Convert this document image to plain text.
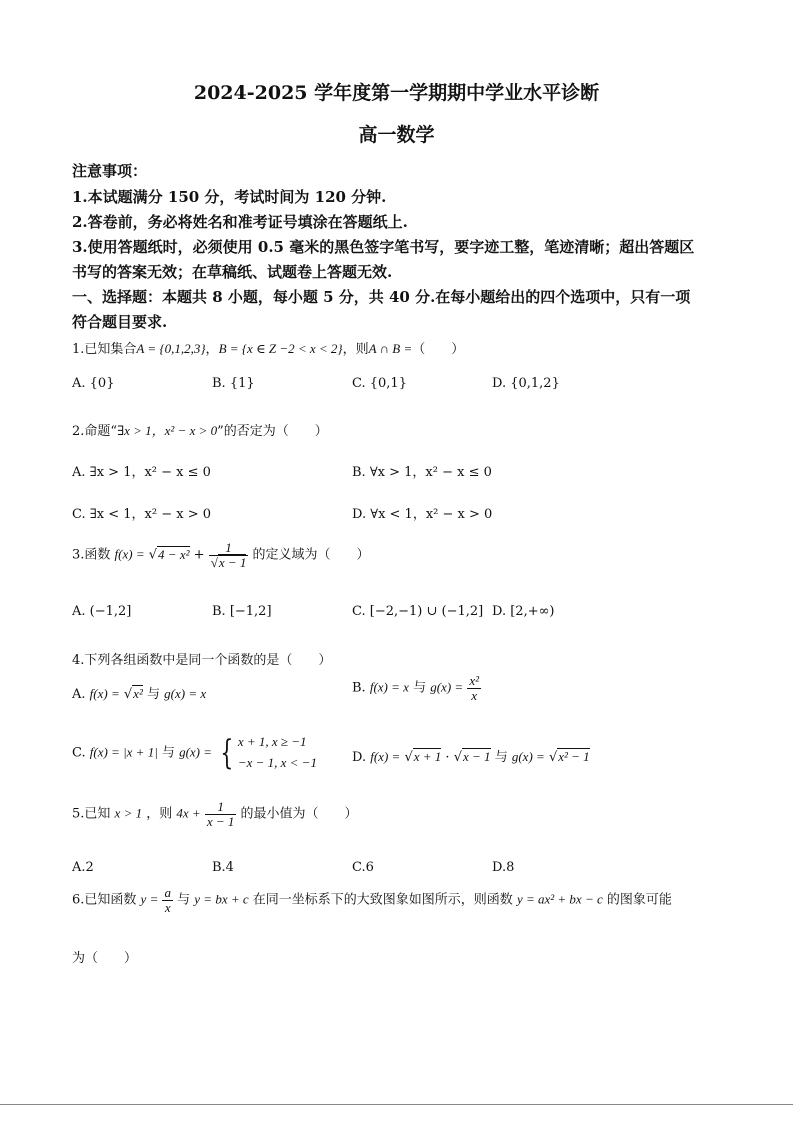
2024-2025 学年度第一学期期中学业水平诊断
高一数学
注意事项：
1.本试题满分 150 分，考试时间为 120 分钟.
2.答卷前，务必将姓名和准考证号填涂在答题纸上.
3.使用答题纸时，必须使用 0.5 毫米的黑色签字笔书写，要字迹工整，笔迹清晰；超出答题区
书写的答案无效；在草稿纸、试题卷上答题无效.
一、选择题：本题共 8 小题，每小题 5 分，共 40 分.在每小题给出的四个选项中，只有一项
符合题目要求.
1.已知集合A = {0,1,2,3}，B = {x ∈ Z −2 < x < 2}，则A ∩ B =（　　）
A. {0}	B. {1}	C. {0,1}	D. {0,1,2}
2.命题“∃x > 1，x² − x > 0”的否定为（　　）
A. ∃x > 1，x² − x ≤ 0	B. ∀x > 1，x² − x ≤ 0
C. ∃x < 1，x² − x > 0	D. ∀x < 1，x² − x > 0
3.函数 $f(x) = √4 - x^2 + \frac{1}{√x - 1}$ 的定义域为（　　）
A. (−1,2]	B. [−1,2]	C. [−2,−1) ∪ (−1,2] D. [2,+∞)
4.下列各组函数中是同一个函数的是（　　）
A. f(x) = √x² 与 g(x) = x	B. f(x) = x 与 $g(x) = \frac{\text{x²}}{x}$
C. f(x) = |x + 1| 与 g(x) = { x + 1, x ≥ −1
−x − 1, x < −1	D. f(x) = √x + 1 · √x − 1 与 g(x) = √x² − 1
5.已知 x > 1 ，则 $4x + \frac{1}{x - 1}$ 的最小值为（　　）
A.2	B.4	C.6	D.8
6.已知函数 $y = \frac{a}{x}$ 与 y = bx + c 在同一坐标系下的大致图象如图所示，则函数 y = ax² + bx − c 的图象可能
为（　　）
